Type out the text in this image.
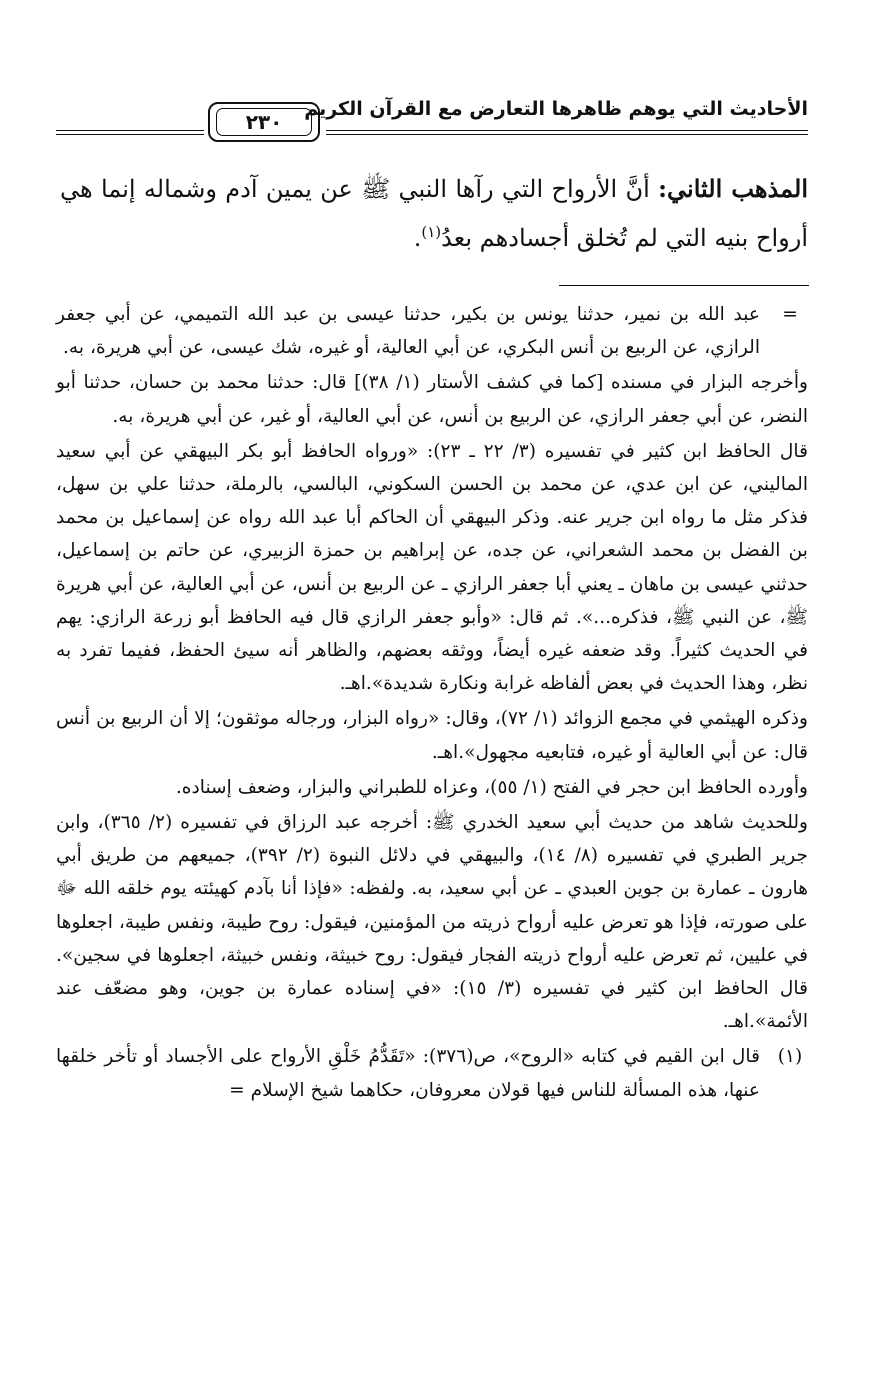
٢٣٠
الأحاديث التي يوهم ظاهرها التعارض مع القرآن الكريم
المذهب الثاني: أنَّ الأرواح التي رآها النبي ﷺ عن يمين آدم وشماله إنما هي أرواح بنيه التي لم تُخلق أجسادهم بعدُ$^{(١)}$.
=

عبد الله بن نمير، حدثنا يونس بن بكير، حدثنا عيسى بن عبد الله التميمي، عن أبي جعفر الرازي، عن الربيع بن أنس البكري، عن أبي العالية، أو غيره، شك عيسى، عن أبي هريرة، به.

وأخرجه البزار في مسنده [كما في كشف الأستار (١/ ٣٨)] قال: حدثنا محمد بن حسان، حدثنا أبو النضر، عن أبي جعفر الرازي، عن الربيع بن أنس، عن أبي العالية، أو غير، عن أبي هريرة، به.

قال الحافظ ابن كثير في تفسيره (٣/ ٢٢ ـ ٢٣): «ورواه الحافظ أبو بكر البيهقي عن أبي سعيد الماليني، عن ابن عدي، عن محمد بن الحسن السكوني، البالسي، بالرملة، حدثنا علي بن سهل، فذكر مثل ما رواه ابن جرير عنه. وذكر البيهقي أن الحاكم أبا عبد الله رواه عن إسماعيل بن محمد بن الفضل بن محمد الشعراني، عن جده، عن إبراهيم بن حمزة الزبيري، عن حاتم بن إسماعيل، حدثني عيسى بن ماهان ـ يعني أبا جعفر الرازي ـ عن الربيع بن أنس، عن أبي العالية، عن أبي هريرة ﷺ، عن النبي ﷺ، فذكره...». ثم قال: «وأبو جعفر الرازي قال فيه الحافظ أبو زرعة الرازي: يهم في الحديث كثيراً. وقد ضعفه غيره أيضاً، ووثقه بعضهم، والظاهر أنه سيئ الحفظ، ففيما تفرد به نظر، وهذا الحديث في بعض ألفاظه غرابة ونكارة شديدة».اهـ.

وذكره الهيثمي في مجمع الزوائد (١/ ٧٢)، وقال: «رواه البزار، ورجاله موثقون؛ إلا أن الربيع بن أنس قال: عن أبي العالية أو غيره، فتابعيه مجهول».اهـ.

وأورده الحافظ ابن حجر في الفتح (١/ ٥٥)، وعزاه للطبراني والبزار، وضعف إسناده.

وللحديث شاهد من حديث أبي سعيد الخدري ﷺ: أخرجه عبد الرزاق في تفسيره (٢/ ٣٦٥)، وابن جرير الطبري في تفسيره (٨/ ١٤)، والبيهقي في دلائل النبوة (٢/ ٣٩٢)، جميعهم من طريق أبي هارون ـ عمارة بن جوين العبدي ـ عن أبي سعيد، به. ولفظه: «فإذا أنا بآدم كهيئته يوم خلقه الله ﷻ على صورته، فإذا هو تعرض عليه أرواح ذريته من المؤمنين، فيقول: روح طيبة، ونفس طيبة، اجعلوها في عليين، ثم تعرض عليه أرواح ذريته الفجار فيقول: روح خبيثة، ونفس خبيثة، اجعلوها في سجين». قال الحافظ ابن كثير في تفسيره (٣/ ١٥): «في إسناده عمارة بن جوين، وهو مضعّف عند الأئمة».اهـ.

(١)

قال ابن القيم في كتابه «الروح»، ص(٣٧٦): «تَقَدُّمُ خَلْقِ الأرواح على الأجساد أو تأخر خلقها عنها، هذه المسألة للناس فيها قولان معروفان، حكاهما شيخ الإسلام =
